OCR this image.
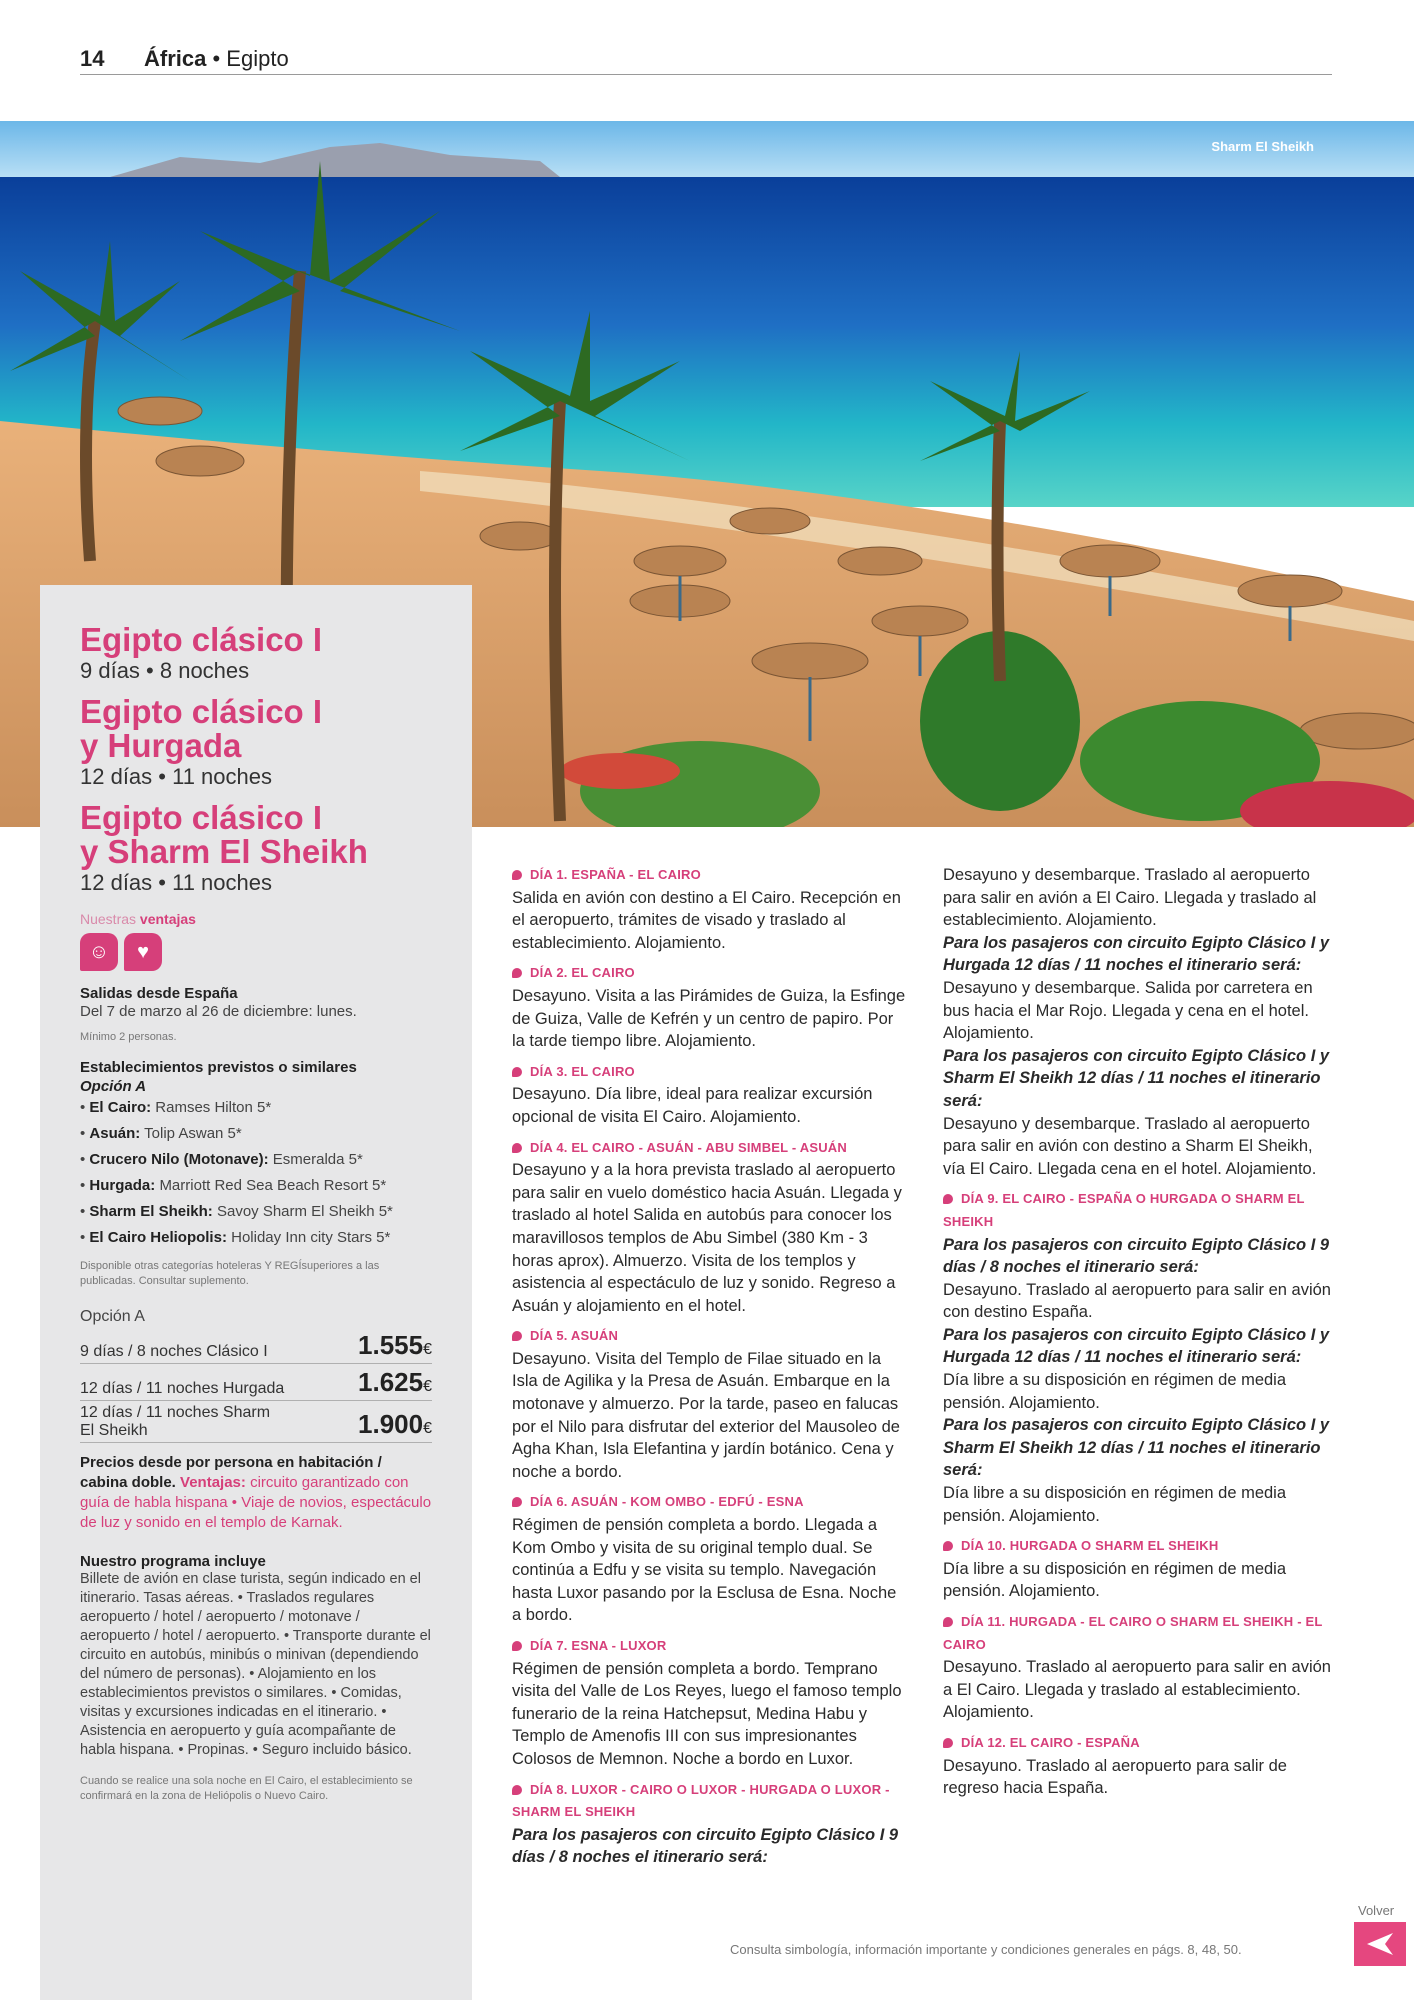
14 África • Egipto
Sharm El Sheikh
Egipto clásico I
9 días • 8 noches
Egipto clásico I
y Hurgada
12 días • 11 noches
Egipto clásico I
y Sharm El Sheikh
12 días • 11 noches
Nuestras ventajas
☺	♥
Salidas desde España
Del 7 de marzo al 26 de diciembre: lunes.
Mínimo 2 personas.
Establecimientos previstos o similares
Opción A
• El Cairo: Ramses Hilton 5*
• Asuán: Tolip Aswan 5*
• Crucero Nilo (Motonave): Esmeralda 5*
• Hurgada: Marriott Red Sea Beach Resort 5*
• Sharm El Sheikh: Savoy Sharm El Sheikh 5*
• El Cairo Heliopolis: Holiday Inn city Stars 5*
Disponible otras categorías hoteleras Y REGÍsuperiores a las publicadas. Consultar suplemento.
Opción A
9 días / 8 noches Clásico I	1.555€
12 días / 11 noches Hurgada	1.625€
12 días / 11 noches Sharm El Sheikh	1.900€
Precios desde por persona en habitación / cabina doble. Ventajas: circuito garantizado con guía de habla hispana • Viaje de novios, espectáculo de luz y sonido en el templo de Karnak.
Nuestro programa incluye
Billete de avión en clase turista, según indicado en el itinerario. Tasas aéreas. • Traslados regulares aeropuerto / hotel / aeropuerto / motonave / aeropuerto / hotel / aeropuerto. • Transporte durante el circuito en autobús, minibús o minivan (dependiendo del número de personas). • Alojamiento en los establecimientos previstos o similares. • Comidas, visitas y excursiones indicadas en el itinerario. • Asistencia en aeropuerto y guía acompañante de habla hispana. • Propinas. • Seguro incluido básico.
Cuando se realice una sola noche en El Cairo, el establecimiento se confirmará en la zona de Heliópolis o Nuevo Cairo.
DÍA 1. ESPAÑA - EL CAIRO
Salida en avión con destino a El Cairo. Recepción en el aeropuerto, trámites de visado y traslado al establecimiento. Alojamiento.
DÍA 2. EL CAIRO
Desayuno. Visita a las Pirámides de Guiza, la Esfinge de Guiza, Valle de Kefrén y un centro de papiro. Por la tarde tiempo libre. Alojamiento.
DÍA 3. EL CAIRO
Desayuno. Día libre, ideal para realizar excursión opcional de visita El Cairo. Alojamiento.
DÍA 4. EL CAIRO - ASUÁN - ABU SIMBEL - ASUÁN
Desayuno y a la hora prevista traslado al aeropuerto para salir en vuelo doméstico hacia Asuán. Llegada y traslado al hotel Salida en autobús para conocer los maravillosos templos de Abu Simbel (380 Km - 3 horas aprox). Almuerzo. Visita de los templos y asistencia al espectáculo de luz y sonido. Regreso a Asuán y alojamiento en el hotel.
DÍA 5. ASUÁN
Desayuno. Visita del Templo de Filae situado en la Isla de Agilika y la Presa de Asuán. Embarque en la motonave y almuerzo. Por la tarde, paseo en falucas por el Nilo para disfrutar del exterior del Mausoleo de Agha Khan, Isla Elefantina y jardín botánico. Cena y noche a bordo.
DÍA 6. ASUÁN - KOM OMBO - EDFÚ - ESNA
Régimen de pensión completa a bordo. Llegada a Kom Ombo y visita de su original templo dual. Se continúa a Edfu y se visita su templo. Navegación hasta Luxor pasando por la Esclusa de Esna. Noche a bordo.
DÍA 7. ESNA - LUXOR
Régimen de pensión completa a bordo. Temprano visita del Valle de Los Reyes, luego el famoso templo funerario de la reina Hatchepsut, Medina Habu y Templo de Amenofis III con sus impresionantes Colosos de Memnon. Noche a bordo en Luxor.
DÍA 8. LUXOR - CAIRO O LUXOR - HURGADA O LUXOR - SHARM EL SHEIKH
Para los pasajeros con circuito Egipto Clásico I 9 días / 8 noches el itinerario será:
Desayuno y desembarque. Traslado al aeropuerto para salir en avión a El Cairo. Llegada y traslado al establecimiento. Alojamiento.
Para los pasajeros con circuito Egipto Clásico I y Hurgada 12 días / 11 noches el itinerario será:
Desayuno y desembarque. Salida por carretera en bus hacia el Mar Rojo. Llegada y cena en el hotel. Alojamiento.
Para los pasajeros con circuito Egipto Clásico I y Sharm El Sheikh 12 días / 11 noches el itinerario será:
Desayuno y desembarque. Traslado al aeropuerto para salir en avión con destino a Sharm El Sheikh, vía El Cairo. Llegada cena en el hotel. Alojamiento.
DÍA 9. EL CAIRO - ESPAÑA O HURGADA O SHARM EL SHEIKH
Para los pasajeros con circuito Egipto Clásico I 9 días / 8 noches el itinerario será:
Desayuno. Traslado al aeropuerto para salir en avión con destino España.
Para los pasajeros con circuito Egipto Clásico I y Hurgada 12 días / 11 noches el itinerario será:
Día libre a su disposición en régimen de media pensión. Alojamiento.
Para los pasajeros con circuito Egipto Clásico I y Sharm El Sheikh 12 días / 11 noches el itinerario será:
Día libre a su disposición en régimen de media pensión. Alojamiento.
DÍA 10. HURGADA O SHARM EL SHEIKH
Día libre a su disposición en régimen de media pensión. Alojamiento.
DÍA 11. HURGADA - EL CAIRO O SHARM EL SHEIKH - EL CAIRO
Desayuno. Traslado al aeropuerto para salir en avión a El Cairo. Llegada y traslado al establecimiento. Alojamiento.
DÍA 12. EL CAIRO - ESPAÑA
Desayuno. Traslado al aeropuerto para salir de regreso hacia España.
Consulta simbología, información importante y condiciones generales en págs. 8, 48, 50.
Volver
